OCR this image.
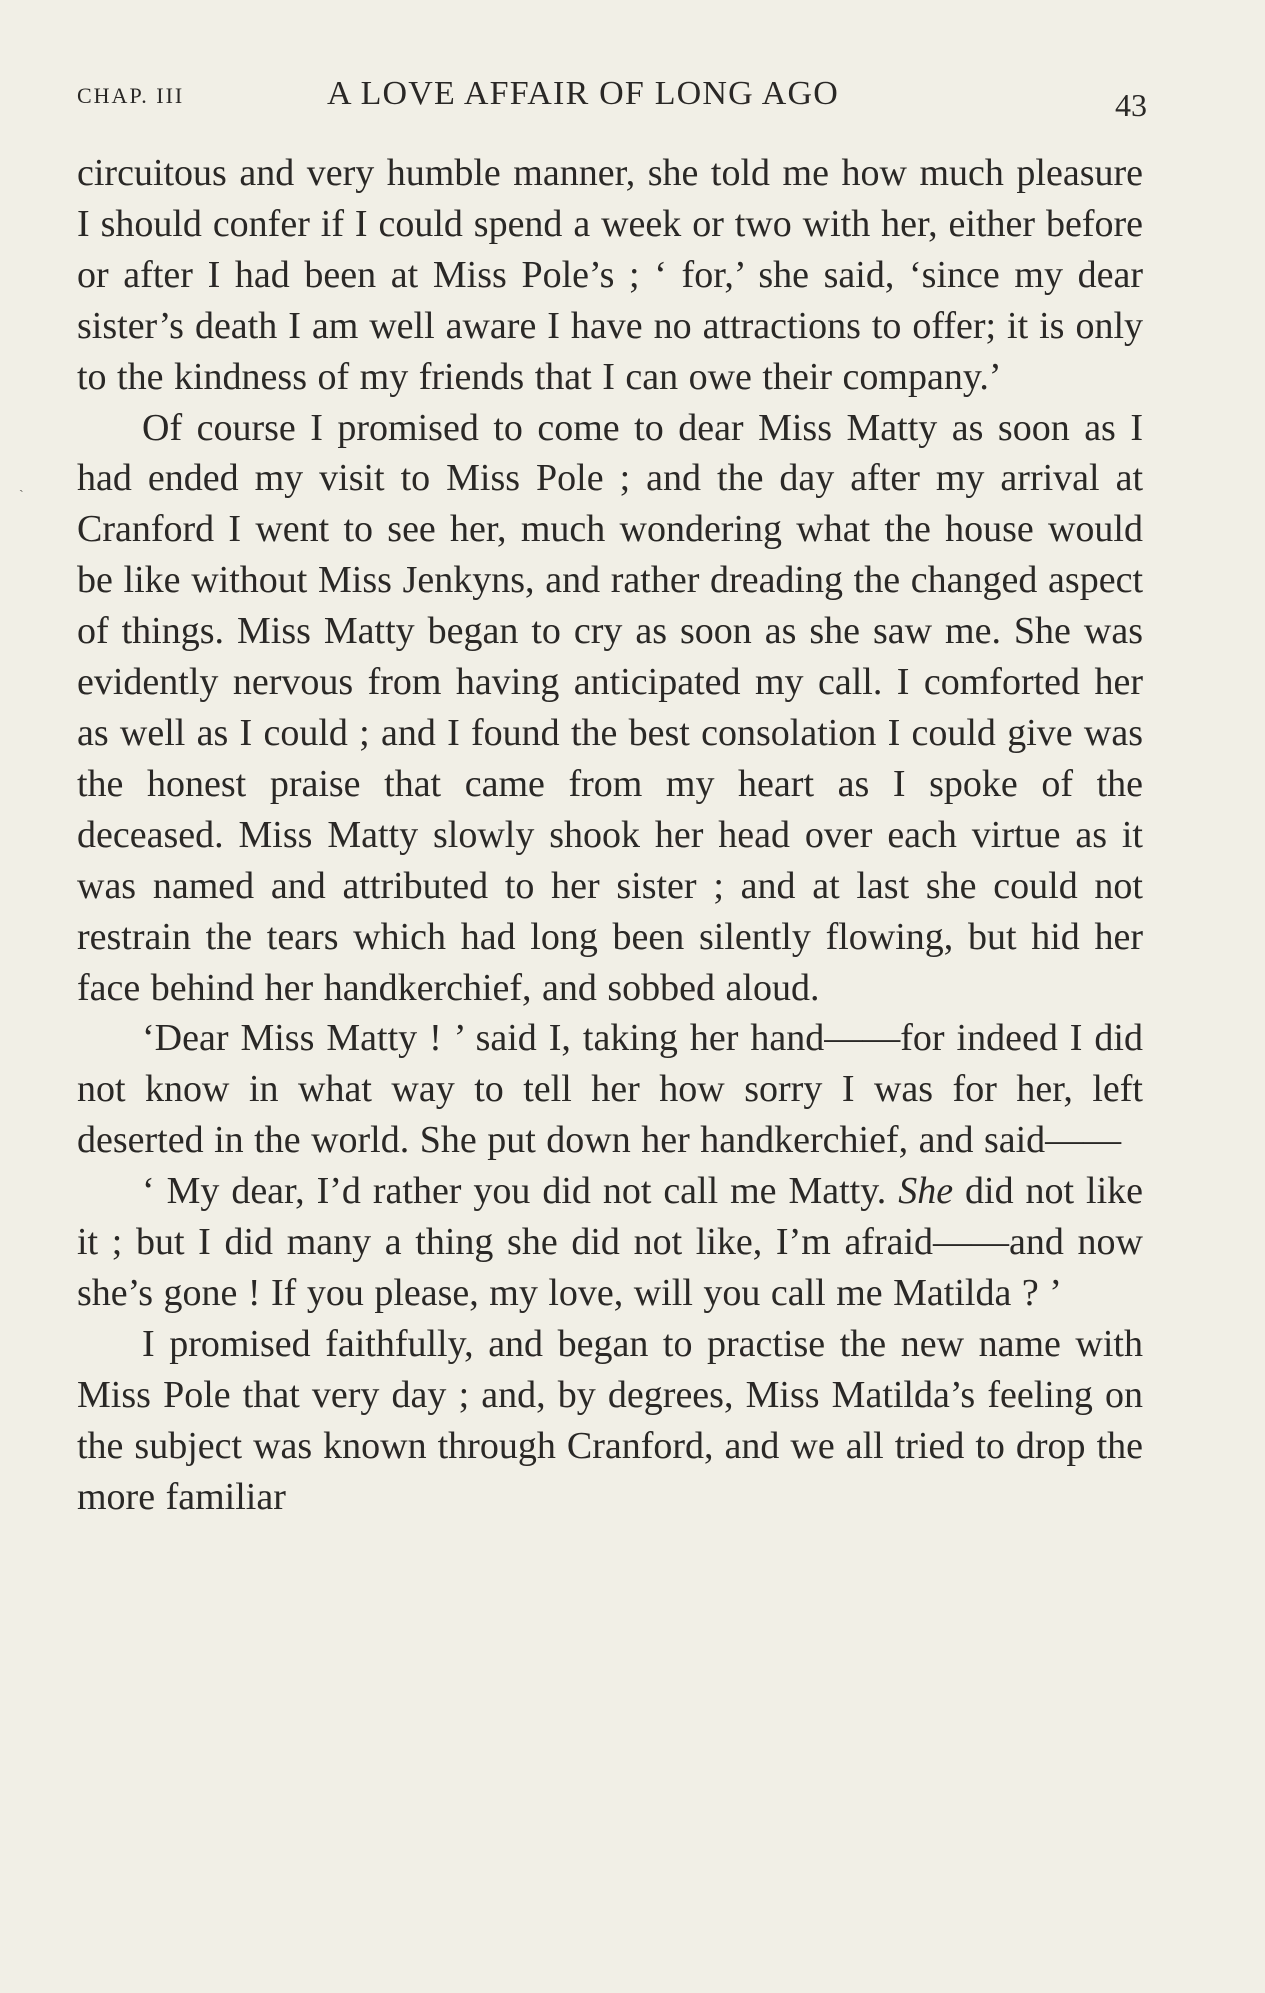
CHAP. III	A LOVE AFFAIR OF LONG AGO	43
ˎ

circuitous and very humble manner, she told me how much pleasure I should confer if I could spend a week or two with her, either before or after I had been at Miss Pole’s ; ‘ for,’ she said, ‘since my dear sister’s death I am well aware I have no attractions to offer; it is only to the kindness of my friends that I can owe their company.’

Of course I promised to come to dear Miss Matty as soon as I had ended my visit to Miss Pole ; and the day after my arrival at Cranford I went to see her, much wondering what the house would be like without Miss Jenkyns, and rather dreading the changed aspect of things. Miss Matty began to cry as soon as she saw me. She was evidently nervous from having anticipated my call. I comforted her as well as I could ; and I found the best consolation I could give was the honest praise that came from my heart as I spoke of the deceased. Miss Matty slowly shook her head over each virtue as it was named and attributed to her sister ; and at last she could not restrain the tears which had long been silently flowing, but hid her face behind her handkerchief, and sobbed aloud.

‘Dear Miss Matty ! ’ said I, taking her hand——for indeed I did not know in what way to tell her how sorry I was for her, left deserted in the world. She put down her handkerchief, and said——

‘ My dear, I’d rather you did not call me Matty. She did not like it ; but I did many a thing she did not like, I’m afraid——and now she’s gone ! If you please, my love, will you call me Matilda ? ’

I promised faithfully, and began to practise the new name with Miss Pole that very day ; and, by degrees, Miss Matilda’s feeling on the subject was known through Cranford, and we all tried to drop the more familiar
